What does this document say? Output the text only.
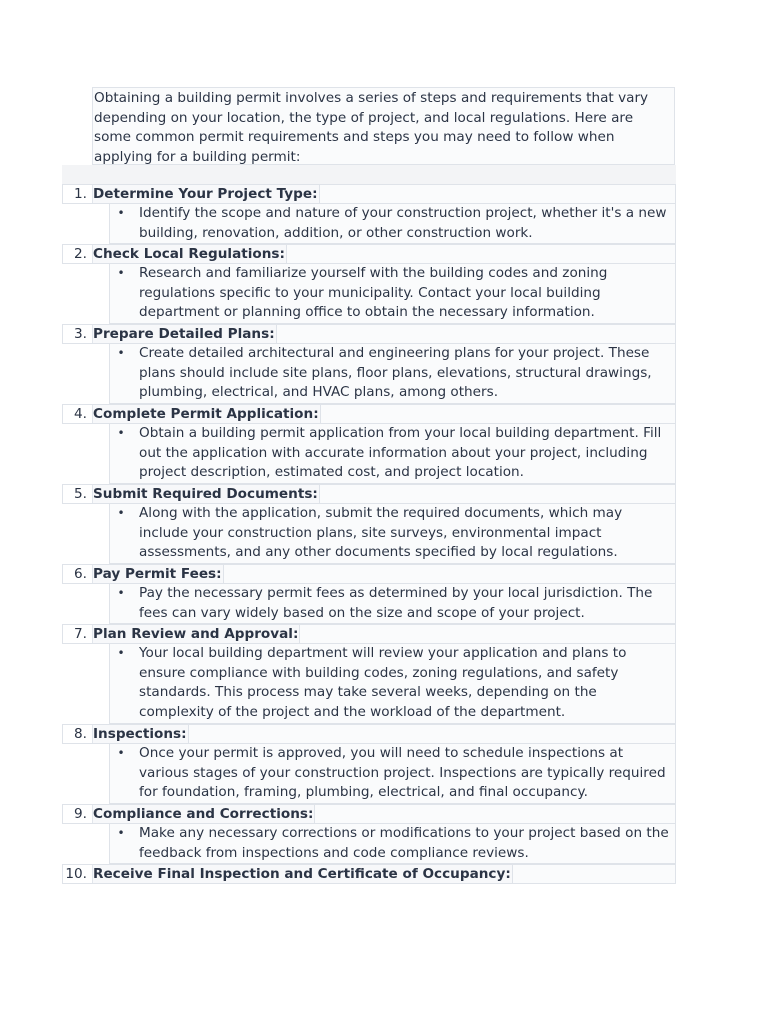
Obtaining a building permit involves a series of steps and requirements that vary depending on your location, the type of project, and local regulations. Here are some common permit requirements and steps you may need to follow when applying for a building permit:
1. Determine Your Project Type:
• Identify the scope and nature of your construction project, whether it's a new building, renovation, addition, or other construction work.
2. Check Local Regulations:
• Research and familiarize yourself with the building codes and zoning regulations specific to your municipality. Contact your local building department or planning office to obtain the necessary information.
3. Prepare Detailed Plans:
• Create detailed architectural and engineering plans for your project. These plans should include site plans, floor plans, elevations, structural drawings, plumbing, electrical, and HVAC plans, among others.
4. Complete Permit Application:
• Obtain a building permit application from your local building department. Fill out the application with accurate information about your project, including project description, estimated cost, and project location.
5. Submit Required Documents:
• Along with the application, submit the required documents, which may include your construction plans, site surveys, environmental impact assessments, and any other documents specified by local regulations.
6. Pay Permit Fees:
• Pay the necessary permit fees as determined by your local jurisdiction. The fees can vary widely based on the size and scope of your project.
7. Plan Review and Approval:
• Your local building department will review your application and plans to ensure compliance with building codes, zoning regulations, and safety standards. This process may take several weeks, depending on the complexity of the project and the workload of the department.
8. Inspections:
• Once your permit is approved, you will need to schedule inspections at various stages of your construction project. Inspections are typically required for foundation, framing, plumbing, electrical, and final occupancy.
9. Compliance and Corrections:
• Make any necessary corrections or modifications to your project based on the feedback from inspections and code compliance reviews.
10. Receive Final Inspection and Certificate of Occupancy:
